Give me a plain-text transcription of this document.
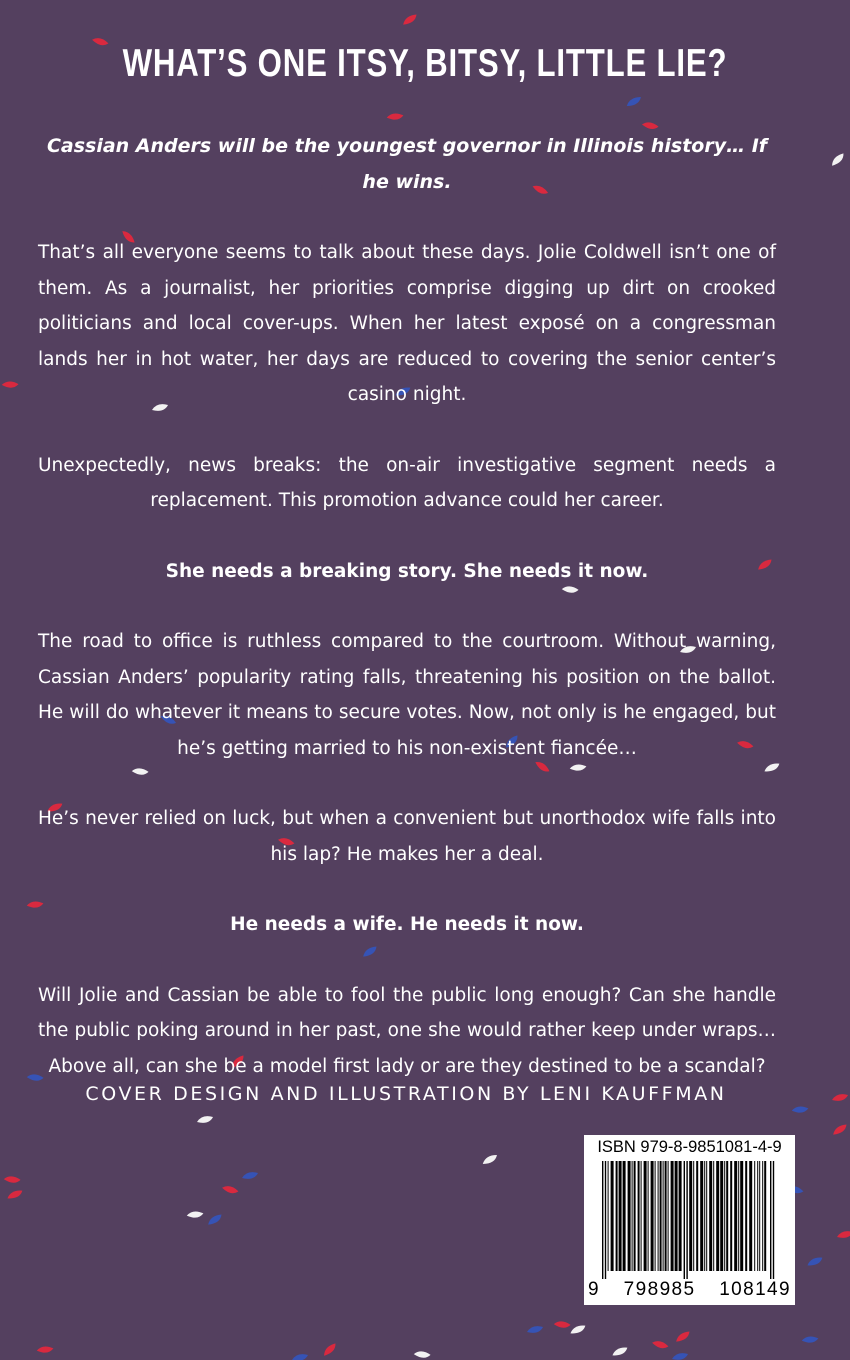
WHAT’S ONE ITSY, BITSY, LITTLE LIE?

Cassian Anders will be the youngest governor in Illinois history… If he wins.

That’s all everyone seems to talk about these days. Jolie Coldwell isn’t one of them. As a journalist, her priorities comprise digging up dirt on crooked politicians and local cover-ups. When her latest exposé on a congressman lands her in hot water, her days are reduced to covering the senior center’s casino night.

Unexpectedly, news breaks: the on-air investigative segment needs a replacement. This promotion advance could her career.

She needs a breaking story. She needs it now.

The road to office is ruthless compared to the courtroom. Without warning, Cassian Anders’ popularity rating falls, threatening his position on the ballot. He will do whatever it means to secure votes. Now, not only is he engaged, but he’s getting married to his non-existent fiancée…

He’s never relied on luck, but when a convenient but unorthodox wife falls into his lap? He makes her a deal.

He needs a wife. He needs it now.

Will Jolie and Cassian be able to fool the public long enough? Can she handle the public poking around in her past, one she would rather keep under wraps… Above all, can she be a model first lady or are they destined to be a scandal?

COVER DESIGN AND ILLUSTRATION BY LENI KAUFFMAN
ISBN 979-8-9851081-4-9
9 798985 108149
